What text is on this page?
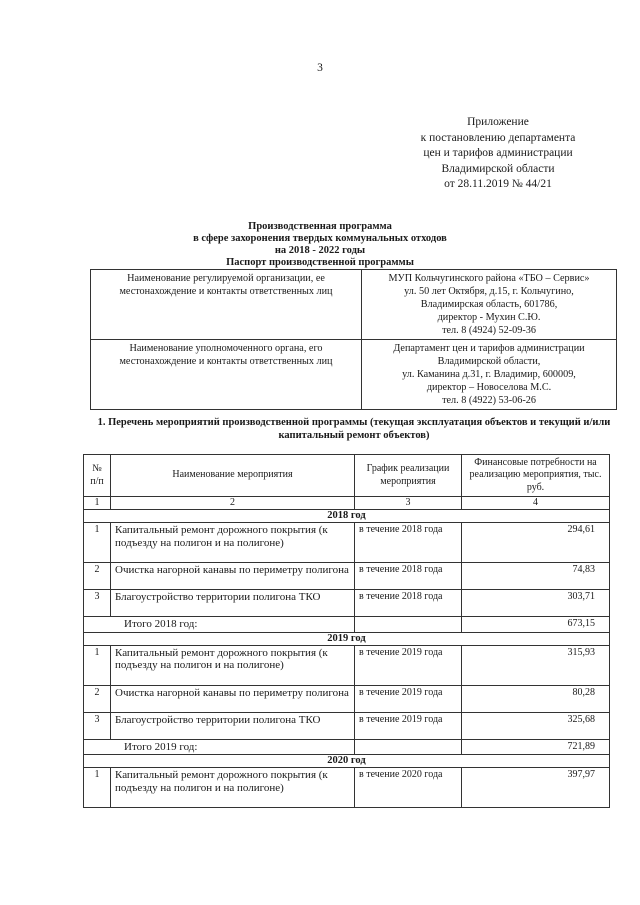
3
Приложение
к постановлению департамента
цен и тарифов администрации
Владимирской области
от 28.11.2019 № 44/21
Производственная программа
в сфере захоронения твердых коммунальных отходов
на 2018 - 2022 годы
Паспорт производственной программы
Наименование регулируемой организации, ее местонахождение и контакты ответственных лиц	МУП Кольчугинского района «ТБО – Сервис»
ул. 50 лет Октября, д.15, г. Кольчугино,
Владимирская область, 601786,
директор - Мухин С.Ю.
тел. 8 (4924) 52-09-36

Наименование уполномоченного органа, его местонахождение и контакты ответственных лиц	Департамент цен и тарифов администрации
Владимирской области,
ул. Каманина д.31, г. Владимир, 600009,
директор – Новоселова М.С.
тел. 8 (4922) 53-06-26
1. Перечень мероприятий производственной программы (текущая эксплуатация объектов и текущий и/или капитальный ремонт объектов)
№ п/п	Наименование мероприятия	График реализации мероприятия	Финансовые потребности на реализацию мероприятия, тыс. руб.
1	2	3	4
2018 год			
1	Капитальный ремонт дорожного покрытия (к подъезду на полигон и на полигоне)	в течение 2018 года	294,61
2	Очистка нагорной канавы по периметру полигона	в течение 2018 года	74,83
3	Благоустройство территории полигона ТКО	в течение 2018 года	303,71
Итого 2018 год:			673,15
2019 год			
1	Капитальный ремонт дорожного покрытия (к подъезду на полигон и на полигоне)	в течение 2019 года	315,93
2	Очистка нагорной канавы по периметру полигона	в течение 2019 года	80,28
3	Благоустройство территории полигона ТКО	в течение 2019 года	325,68
Итого 2019 год:			721,89
2020 год			
1	Капитальный ремонт дорожного покрытия (к подъезду на полигон и на полигоне)	в течение 2020 года	397,97
